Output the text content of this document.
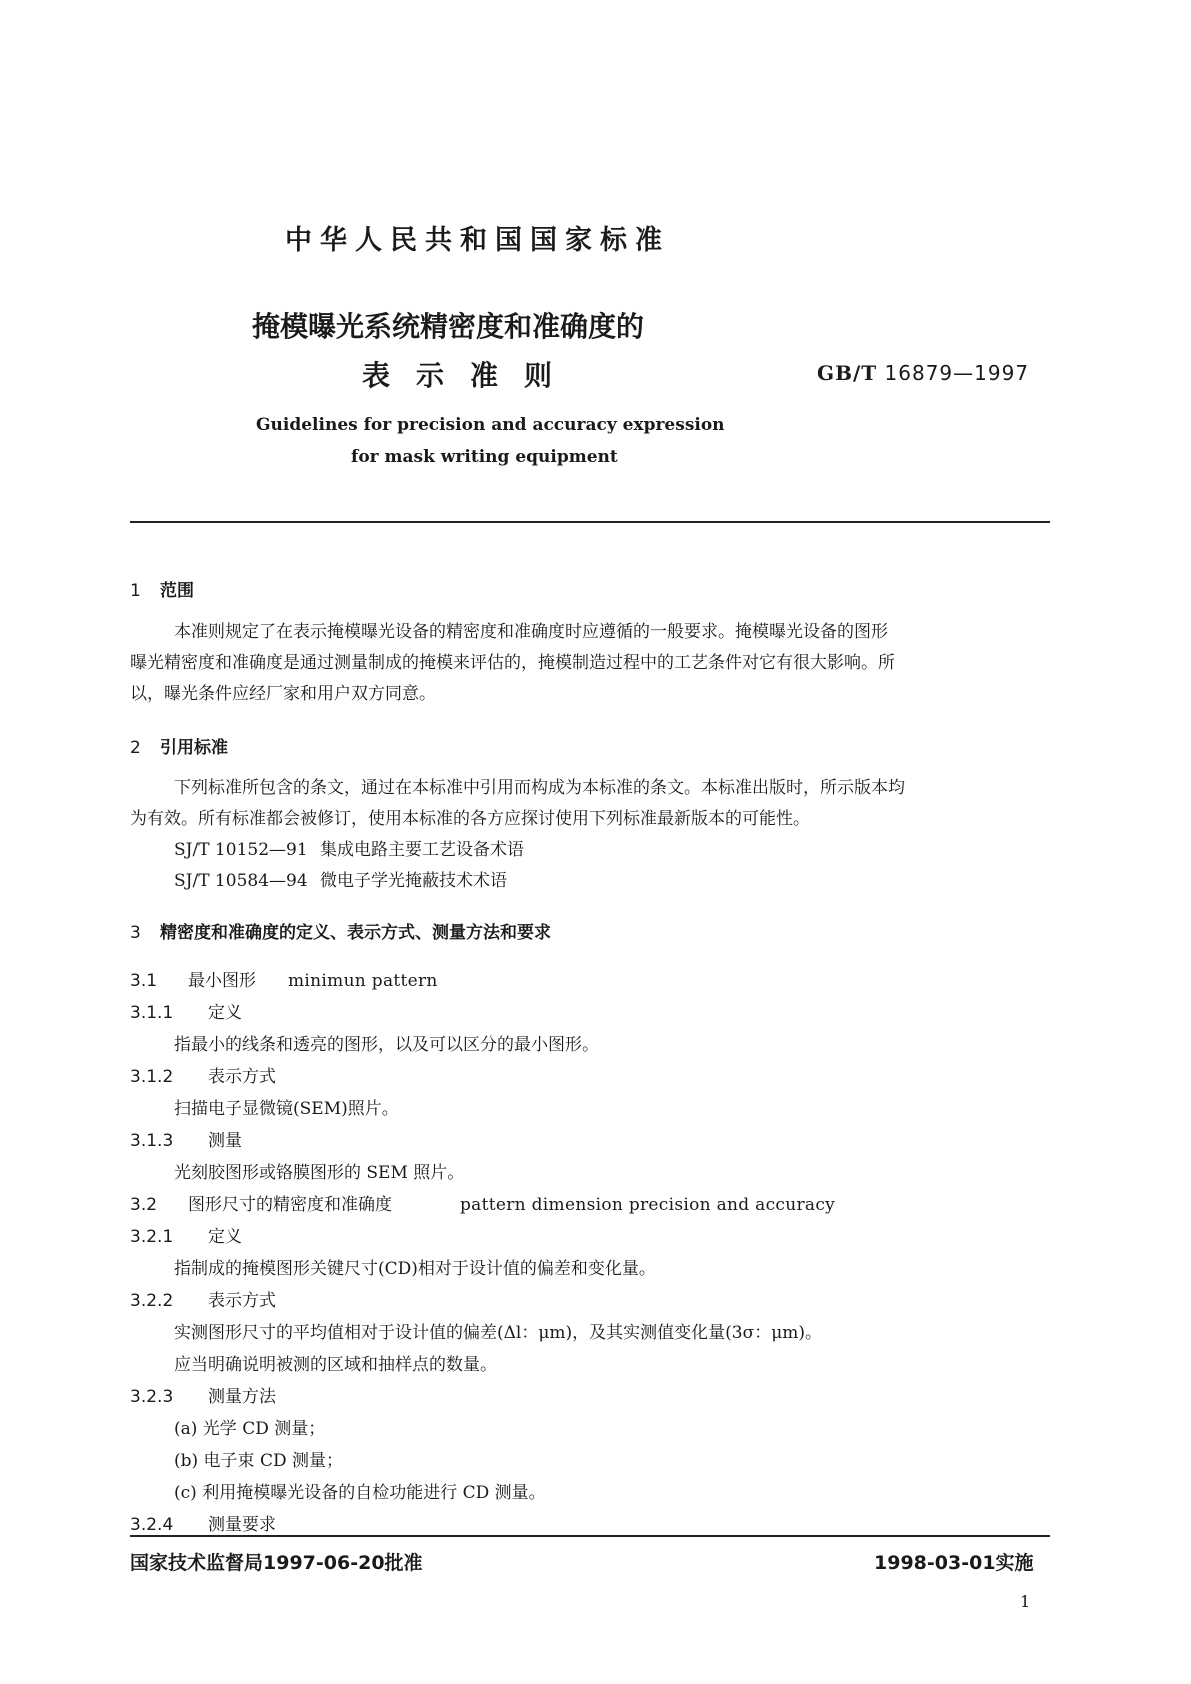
中华人民共和国国家标准
掩模曝光系统精密度和准确度的
表示准则	GB/T 16879—1997
Guidelines for precision and accuracy expression
for mask writing equipment
1 范围
本准则规定了在表示掩模曝光设备的精密度和准确度时应遵循的一般要求。掩模曝光设备的图形
曝光精密度和准确度是通过测量制成的掩模来评估的，掩模制造过程中的工艺条件对它有很大影响。所
以，曝光条件应经厂家和用户双方同意。
2 引用标准
下列标准所包含的条文，通过在本标准中引用而构成为本标准的条文。本标准出版时，所示版本均
为有效。所有标准都会被修订，使用本标准的各方应探讨使用下列标准最新版本的可能性。
SJ/T 10152—91 集成电路主要工艺设备术语
SJ/T 10584—94 微电子学光掩蔽技术术语
3 精密度和准确度的定义、表示方式、测量方法和要求
3.1 最小图形 minimun pattern
3.1.1 定义
指最小的线条和透亮的图形，以及可以区分的最小图形。
3.1.2 表示方式
扫描电子显微镜(SEM)照片。
3.1.3 测量
光刻胶图形或铬膜图形的 SEM 照片。
3.2 图形尺寸的精密度和准确度	pattern dimension precision and accuracy
3.2.1 定义
指制成的掩模图形关键尺寸(CD)相对于设计值的偏差和变化量。
3.2.2 表示方式
实测图形尺寸的平均值相对于设计值的偏差(Δl：μm)，及其实测值变化量(3σ：μm)。
应当明确说明被测的区域和抽样点的数量。
3.2.3 测量方法
(a) 光学 CD 测量；
(b) 电子束 CD 测量；
(c) 利用掩模曝光设备的自检功能进行 CD 测量。
3.2.4 测量要求
国家技术监督局1997-06-20批准	1998-03-01实施
1
